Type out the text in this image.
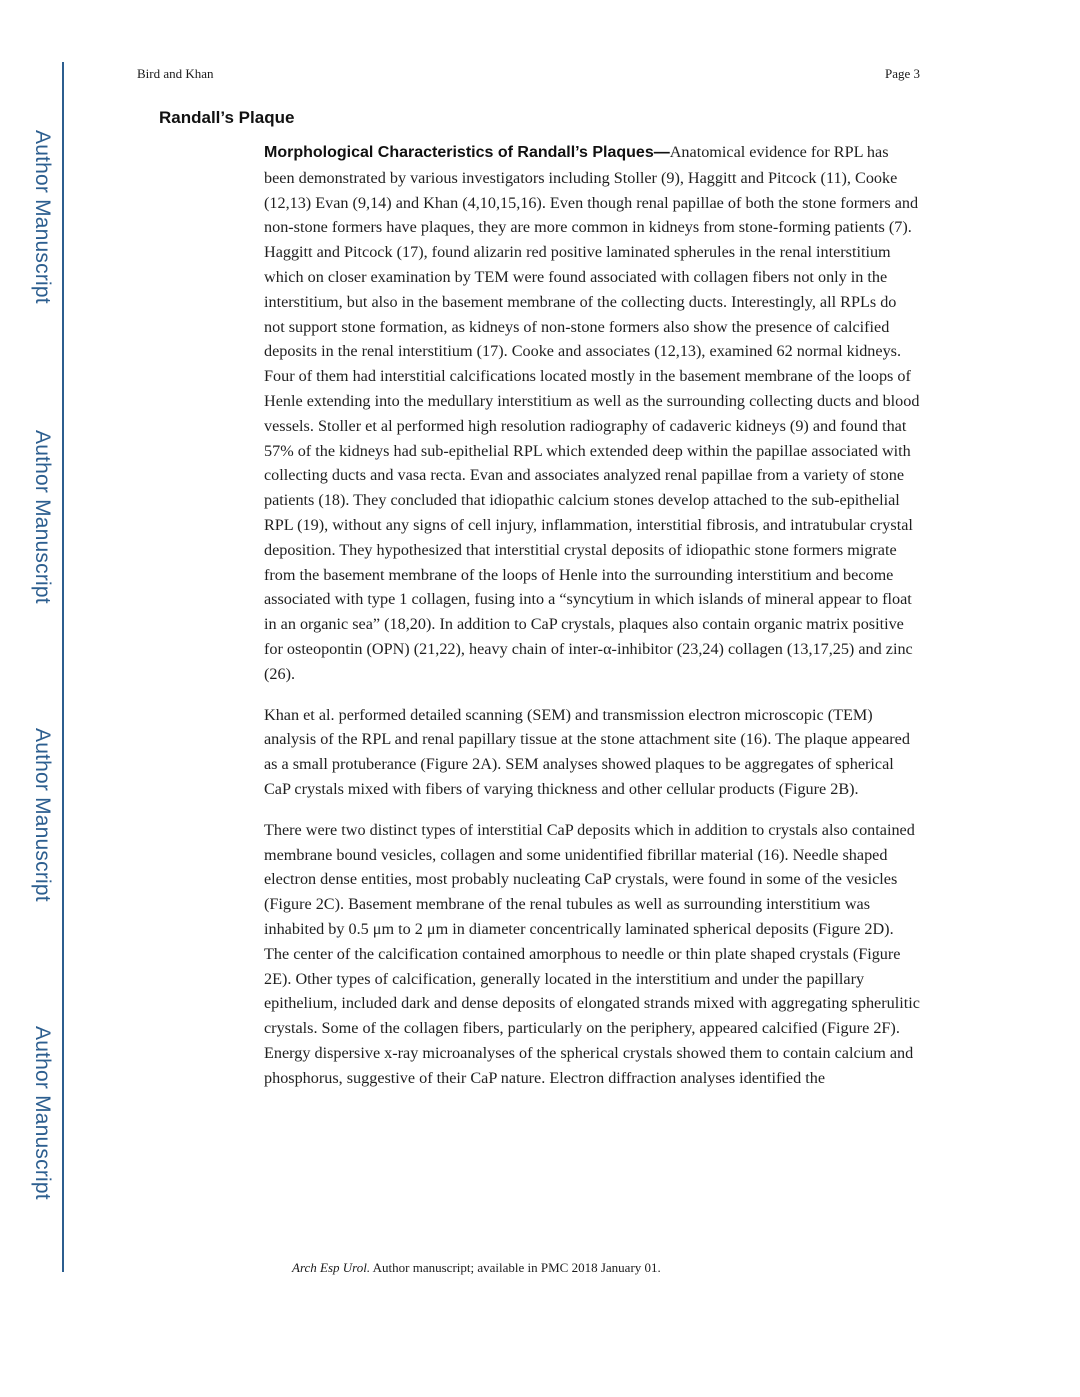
Author Manuscript
Author Manuscript
Author Manuscript
Author Manuscript
Bird and Khan	Page 3
Randall’s Plaque

Morphological Characteristics of Randall’s Plaques—Anatomical evidence for RPL has been demonstrated by various investigators including Stoller (9), Haggitt and Pitcock (11), Cooke (12,13) Evan (9,14) and Khan (4,10,15,16). Even though renal papillae of both the stone formers and non-stone formers have plaques, they are more common in kidneys from stone-forming patients (7). Haggitt and Pitcock (17), found alizarin red positive laminated spherules in the renal interstitium which on closer examination by TEM were found associated with collagen fibers not only in the interstitium, but also in the basement membrane of the collecting ducts. Interestingly, all RPLs do not support stone formation, as kidneys of non-stone formers also show the presence of calcified deposits in the renal interstitium (17). Cooke and associates (12,13), examined 62 normal kidneys. Four of them had interstitial calcifications located mostly in the basement membrane of the loops of Henle extending into the medullary interstitium as well as the surrounding collecting ducts and blood vessels. Stoller et al performed high resolution radiography of cadaveric kidneys (9) and found that 57% of the kidneys had sub-epithelial RPL which extended deep within the papillae associated with collecting ducts and vasa recta. Evan and associates analyzed renal papillae from a variety of stone patients (18). They concluded that idiopathic calcium stones develop attached to the sub-epithelial RPL (19), without any signs of cell injury, inflammation, interstitial fibrosis, and intratubular crystal deposition. They hypothesized that interstitial crystal deposits of idiopathic stone formers migrate from the basement membrane of the loops of Henle into the surrounding interstitium and become associated with type 1 collagen, fusing into a “syncytium in which islands of mineral appear to float in an organic sea” (18,20). In addition to CaP crystals, plaques also contain organic matrix positive for osteopontin (OPN) (21,22), heavy chain of inter-α-inhibitor (23,24) collagen (13,17,25) and zinc (26).

Khan et al. performed detailed scanning (SEM) and transmission electron microscopic (TEM) analysis of the RPL and renal papillary tissue at the stone attachment site (16). The plaque appeared as a small protuberance (Figure 2A). SEM analyses showed plaques to be aggregates of spherical CaP crystals mixed with fibers of varying thickness and other cellular products (Figure 2B).

There were two distinct types of interstitial CaP deposits which in addition to crystals also contained membrane bound vesicles, collagen and some unidentified fibrillar material (16). Needle shaped electron dense entities, most probably nucleating CaP crystals, were found in some of the vesicles (Figure 2C). Basement membrane of the renal tubules as well as surrounding interstitium was inhabited by 0.5 μm to 2 μm in diameter concentrically laminated spherical deposits (Figure 2D). The center of the calcification contained amorphous to needle or thin plate shaped crystals (Figure 2E). Other types of calcification, generally located in the interstitium and under the papillary epithelium, included dark and dense deposits of elongated strands mixed with aggregating spherulitic crystals. Some of the collagen fibers, particularly on the periphery, appeared calcified (Figure 2F). Energy dispersive x-ray microanalyses of the spherical crystals showed them to contain calcium and phosphorus, suggestive of their CaP nature. Electron diffraction analyses identified the

Arch Esp Urol. Author manuscript; available in PMC 2018 January 01.
